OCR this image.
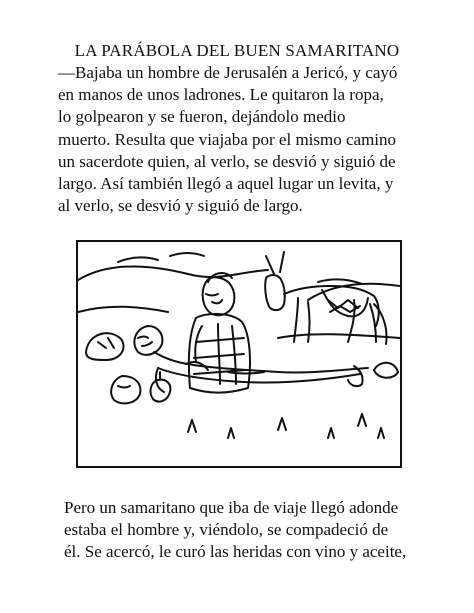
LA PARÁBOLA DEL BUEN SAMARITANO

—Bajaba un hombre de Jerusalén a Jericó, y cayó
en manos de unos ladrones. Le quitaron la ropa,
lo golpearon y se fueron, dejándolo medio
muerto. Resulta que viajaba por el mismo camino
un sacerdote quien, al verlo, se desvió y siguió de
largo. Así también llegó a aquel lugar un levita, y
al verlo, se desvió y siguió de largo.

Pero un samaritano que iba de viaje llegó adonde
estaba el hombre y, viéndolo, se compadeció de
él. Se acercó, le curó las heridas con vino y aceite,
